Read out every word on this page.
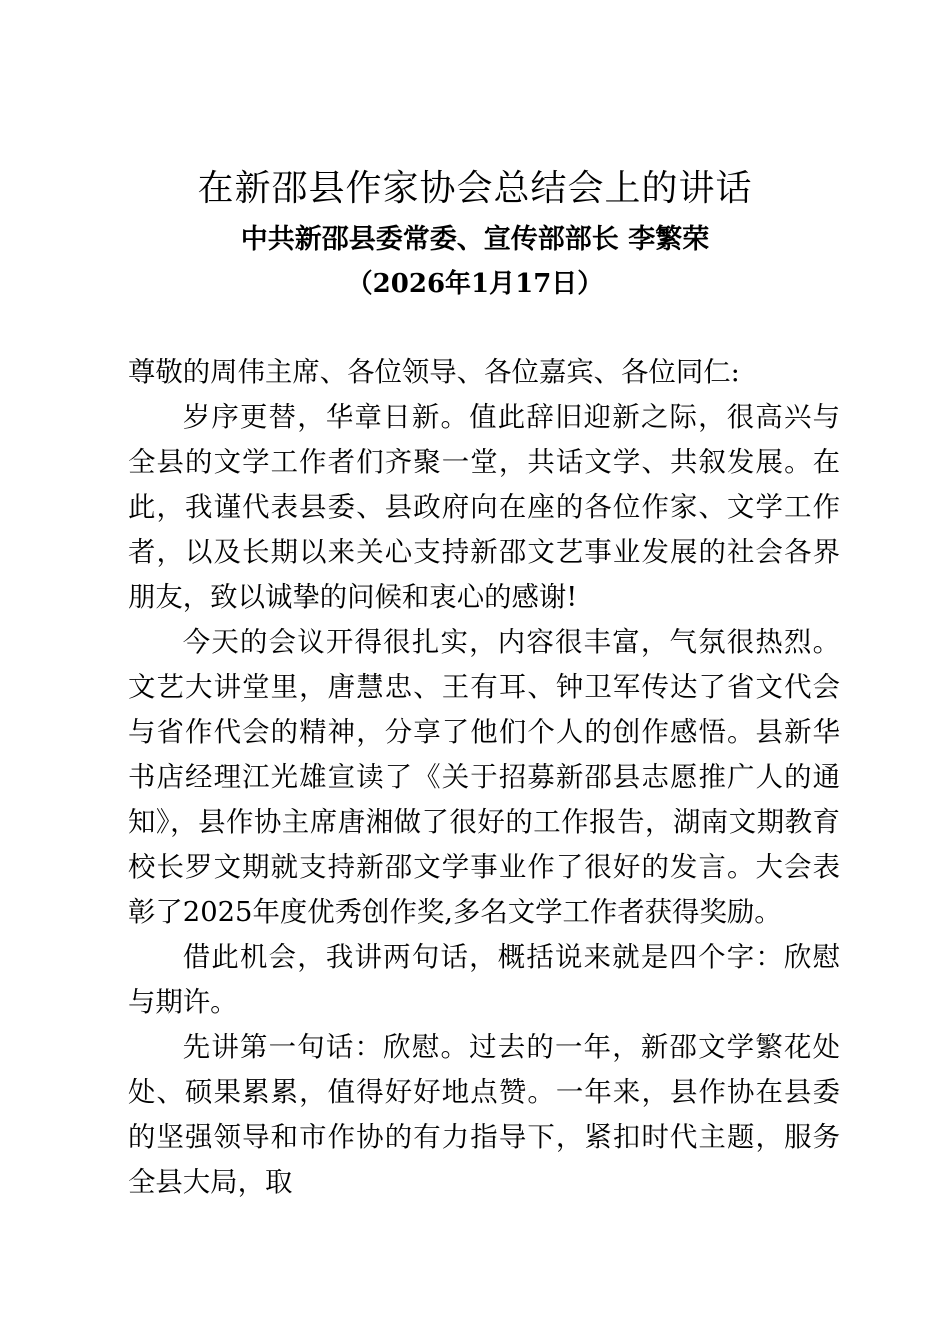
在新邵县作家协会总结会上的讲话
中共新邵县委常委、宣传部部长 李繁荣
（2026年1月17日）

尊敬的周伟主席、各位领导、各位嘉宾、各位同仁:

岁序更替，华章日新。值此辞旧迎新之际，很高兴与全县的文学工作者们齐聚一堂，共话文学、共叙发展。在此，我谨代表县委、县政府向在座的各位作家、文学工作者，以及长期以来关心支持新邵文艺事业发展的社会各界朋友，致以诚挚的问候和衷心的感谢!

今天的会议开得很扎实，内容很丰富，气氛很热烈。文艺大讲堂里，唐慧忠、王有耳、钟卫军传达了省文代会与省作代会的精神，分享了他们个人的创作感悟。县新华书店经理江光雄宣读了《关于招募新邵县志愿推广人的通知》，县作协主席唐湘做了很好的工作报告，湖南文期教育校长罗文期就支持新邵文学事业作了很好的发言。大会表彰了2025年度优秀创作奖,多名文学工作者获得奖励。

借此机会，我讲两句话，概括说来就是四个字：欣慰与期许。

先讲第一句话：欣慰。过去的一年，新邵文学繁花处处、硕果累累，值得好好地点赞。一年来，县作协在县委的坚强领导和市作协的有力指导下，紧扣时代主题，服务全县大局，取
